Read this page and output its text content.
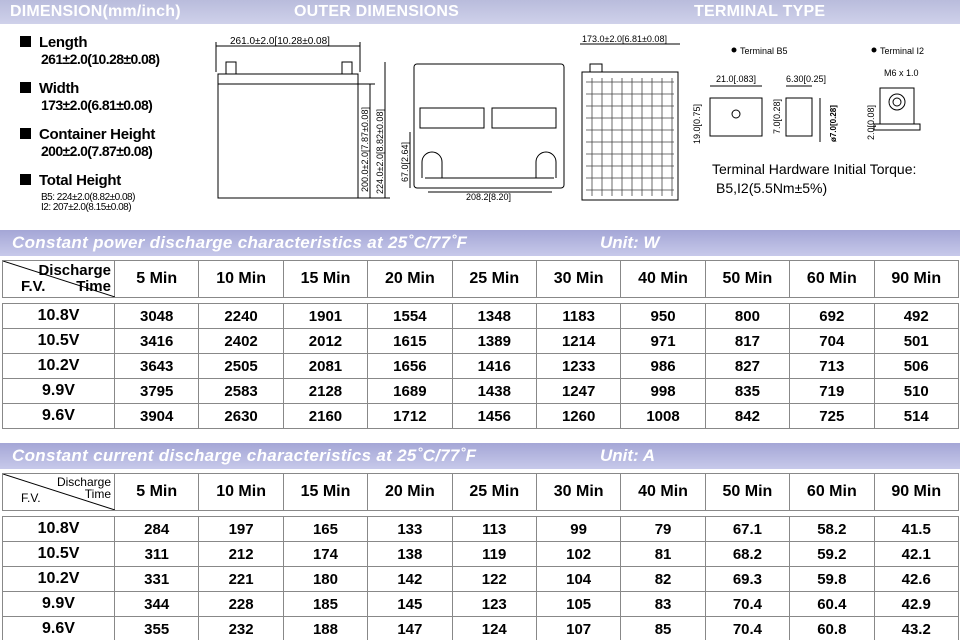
DIMENSION(mm/inch)	OUTER DIMENSIONS	TERMINAL TYPE
Length
261±2.0(10.28±0.08)
Width
173±2.0(6.81±0.08)
Container Height
200±2.0(7.87±0.08)
Total Height
B5: 224±2.0(8.82±0.08)
I2: 207±2.0(8.15±0.08)
261.0±2.0[10.28±0.08]
200.0±2.0[7.87±0.08] 224.0±2.0[8.82±0.08] 67.0[2.64]
208.2[8.20]
173.0±2.0[6.81±0.08]
Terminal B5	Terminal I2
21.0[.083]	6.30[0.25]
19.0[0.75]	7.0[0.28]	ø7.0[0.28]
M6 x 1.0
2.0[0.08]
Terminal Hardware Initial Torque:
B5,I2(5.5Nm±5%)
Constant power discharge characteristics at 25˚C/77˚F	Unit: W
Discharge
Time
F.V.	5 Min	10 Min	15 Min	20 Min	25 Min	30 Min	40 Min	50 Min	60 Min	90 Min

10.8V	3048	2240	1901	1554	1348	1183	950	800	692	492
10.5V	3416	2402	2012	1615	1389	1214	971	817	704	501
10.2V	3643	2505	2081	1656	1416	1233	986	827	713	506
9.9V	3795	2583	2128	1689	1438	1247	998	835	719	510
9.6V	3904	2630	2160	1712	1456	1260	1008	842	725	514
Constant current discharge characteristics at 25˚C/77˚F	Unit: A
Discharge
Time
F.V.	5 Min	10 Min	15 Min	20 Min	25 Min	30 Min	40 Min	50 Min	60 Min	90 Min

10.8V	284	197	165	133	113	99	79	67.1	58.2	41.5
10.5V	311	212	174	138	119	102	81	68.2	59.2	42.1
10.2V	331	221	180	142	122	104	82	69.3	59.8	42.6
9.9V	344	228	185	145	123	105	83	70.4	60.4	42.9
9.6V	355	232	188	147	124	107	85	70.4	60.8	43.2
